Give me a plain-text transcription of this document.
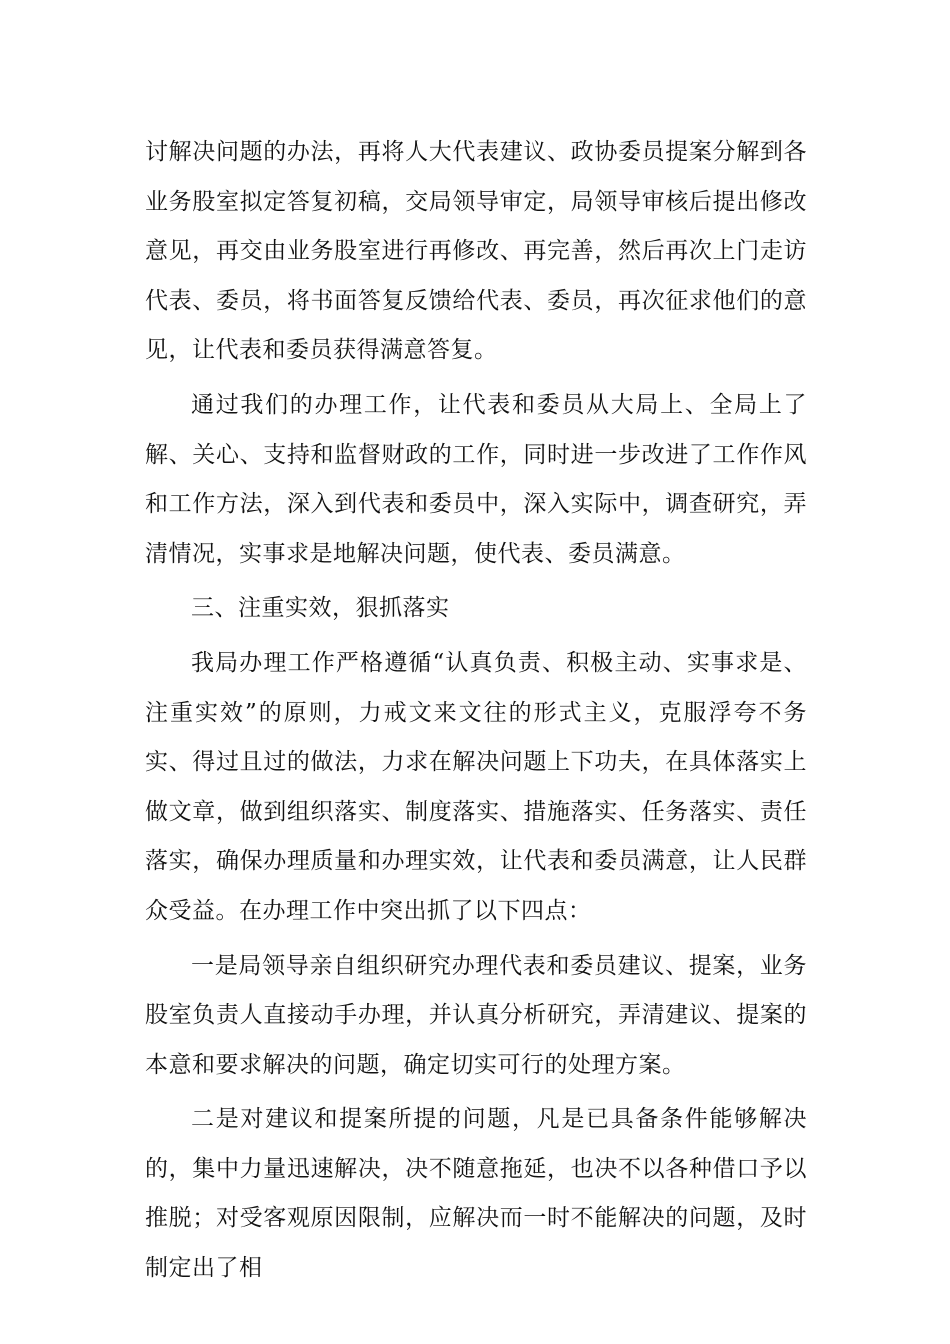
讨解决问题的办法，再将人大代表建议、政协委员提案分解到各业务股室拟定答复初稿，交局领导审定，局领导审核后提出修改意见，再交由业务股室进行再修改、再完善，然后再次上门走访代表、委员，将书面答复反馈给代表、委员，再次征求他们的意见，让代表和委员获得满意答复。

通过我们的办理工作，让代表和委员从大局上、全局上了解、关心、支持和监督财政的工作，同时进一步改进了工作作风和工作方法，深入到代表和委员中，深入实际中，调查研究，弄清情况，实事求是地解决问题，使代表、委员满意。

三、注重实效，狠抓落实

我局办理工作严格遵循“认真负责、积极主动、实事求是、注重实效”的原则，力戒文来文往的形式主义，克服浮夸不务实、得过且过的做法，力求在解决问题上下功夫，在具体落实上做文章，做到组织落实、制度落实、措施落实、任务落实、责任落实，确保办理质量和办理实效，让代表和委员满意，让人民群众受益。在办理工作中突出抓了以下四点：

一是局领导亲自组织研究办理代表和委员建议、提案，业务股室负责人直接动手办理，并认真分析研究，弄清建议、提案的本意和要求解决的问题，确定切实可行的处理方案。

二是对建议和提案所提的问题，凡是已具备条件能够解决的，集中力量迅速解决，决不随意拖延，也决不以各种借口予以推脱；对受客观原因限制，应解决而一时不能解决的问题，及时制定出了相
